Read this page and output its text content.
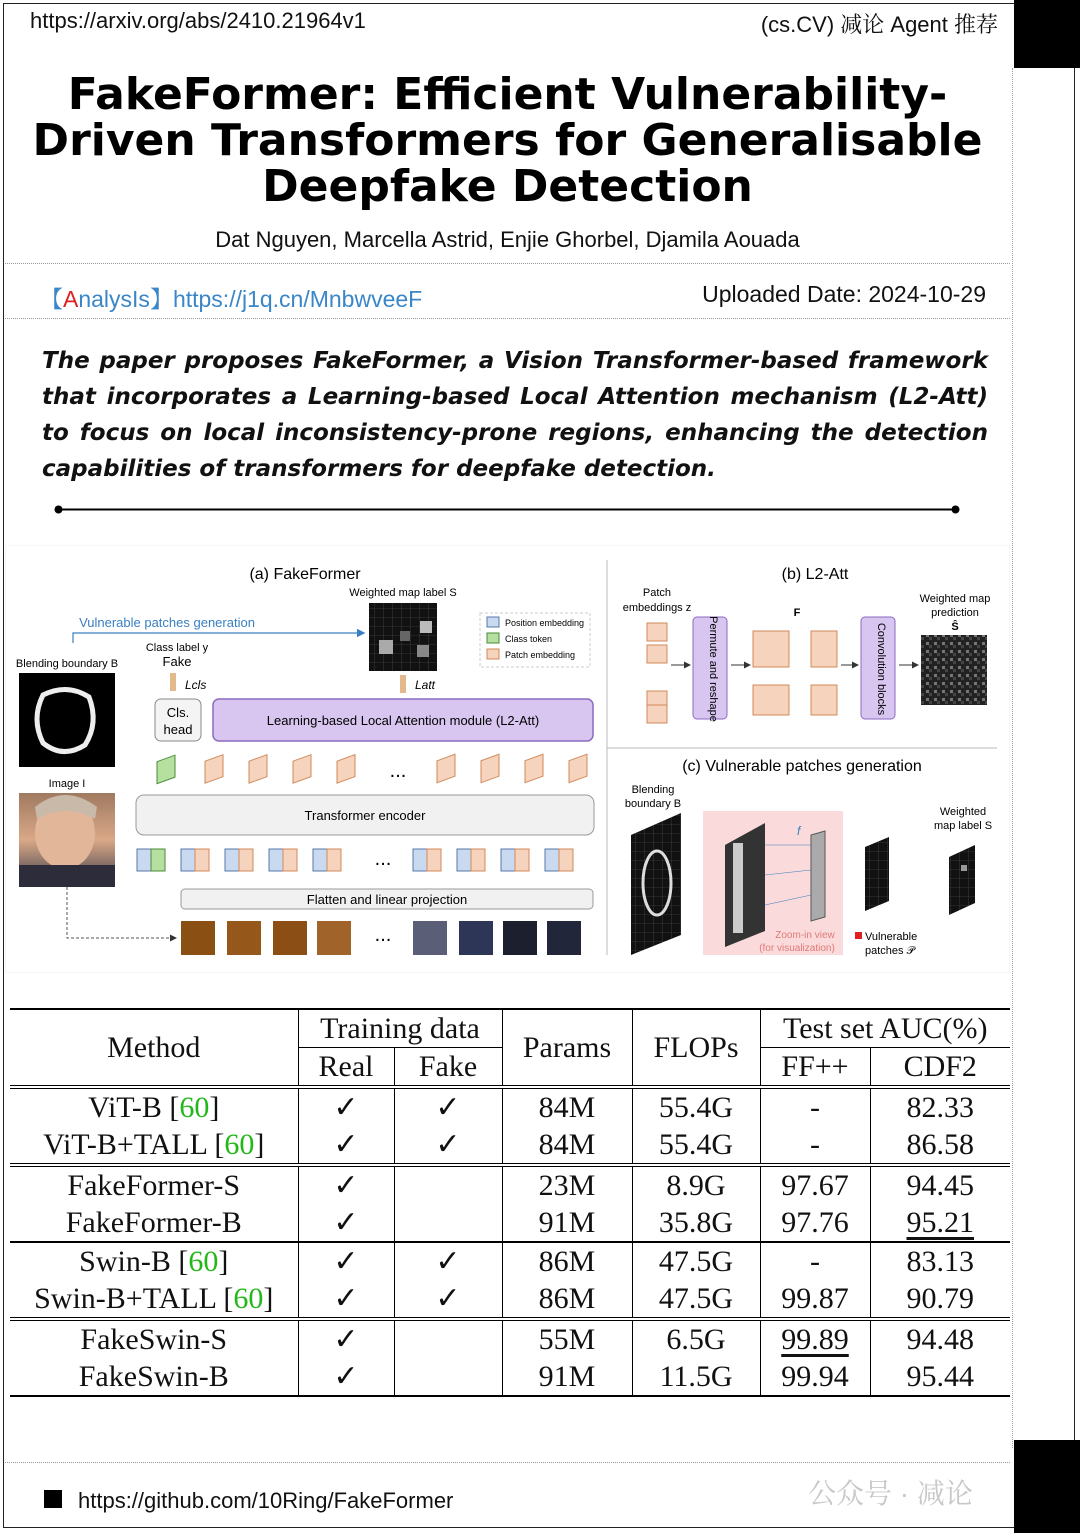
https://arxiv.org/abs/2410.21964v1	(cs.CV) 减论 Agent 推荐
FakeFormer: Efficient Vulnerability-Driven Transformers for Generalisable Deepfake Detection
Dat Nguyen, Marcella Astrid, Enjie Ghorbel, Djamila Aouada
【AnalysIs】https://j1q.cn/MnbwveeF	Uploaded Date: 2024-10-29
The paper proposes FakeFormer, a Vision Transformer-based framework that incorporates a Learning-based Local Attention mechanism (L2-Att) to focus on local inconsistency-prone regions, enhancing the detection capabilities of transformers for deepfake detection.
(a) FakeFormer
Weighted map label S
Vulnerable patches generation
Class label y
Fake
Blending boundary B
Image I
Lcls	Latt
Position embedding
Class token
Patch embedding
Cls.
head
Learning-based Local Attention module (L2-Att)
...
Transformer encoder
...
Flatten and linear projection
...
(b) L2-Att
Patch
embeddings z
Permute and reshape
F
Convolution blocks
Weighted map
prediction
Ŝ
(c) Vulnerable patches generation
Blending
boundary B
f
Zoom-in view
(for visualization)
Weighted
map label S
Vulnerable
patches 𝒫
Method	Training data		Params	FLOPs	Test set AUC(%)	
	Real	Fake			FF++	CDF2
ViT-B [60]	✓	✓	84M	55.4G	-	82.33
ViT-B+TALL [60]	✓	✓	84M	55.4G	-	86.58
FakeFormer-S	✓		23M	8.9G	97.67	94.45
FakeFormer-B	✓		91M	35.8G	97.76	95.21
Swin-B [60]	✓	✓	86M	47.5G	-	83.13
Swin-B+TALL [60]	✓	✓	86M	47.5G	99.87	90.79
FakeSwin-S	✓		55M	6.5G	99.89	94.48
FakeSwin-B	✓		91M	11.5G	99.94	95.44
https://github.com/10Ring/FakeFormer	公众号 · 减论
